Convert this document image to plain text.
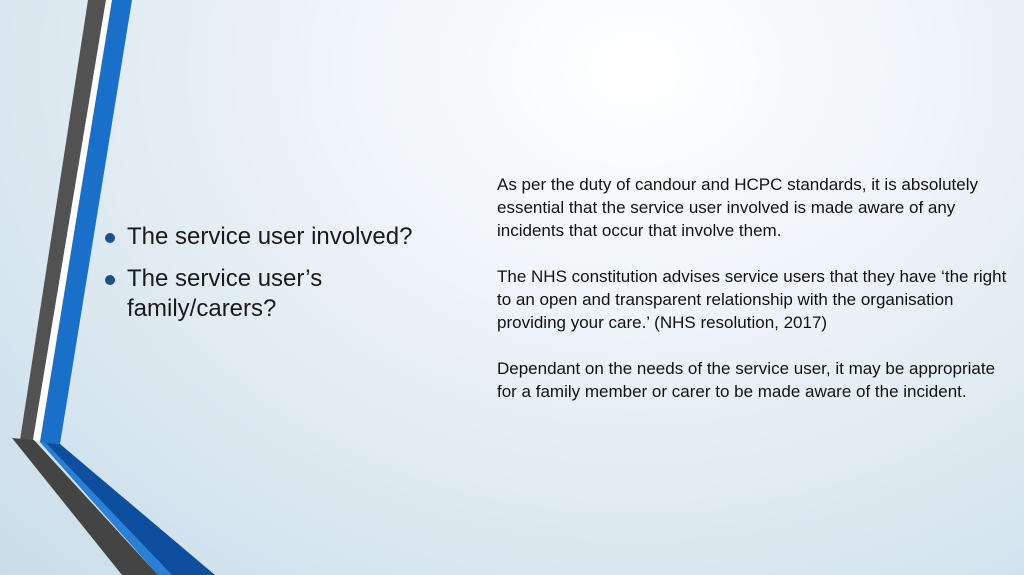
The service user involved?
The service user’s family/carers?

As per the duty of candour and HCPC standards, it is absolutely essential that the service user involved is made aware of any incidents that occur that involve them.

The NHS constitution advises service users that they have ‘the right to an open and transparent relationship with the organisation providing your care.’ (NHS resolution, 2017)

Dependant on the needs of the service user, it may be appropriate for a family member or carer to be made aware of the incident.
